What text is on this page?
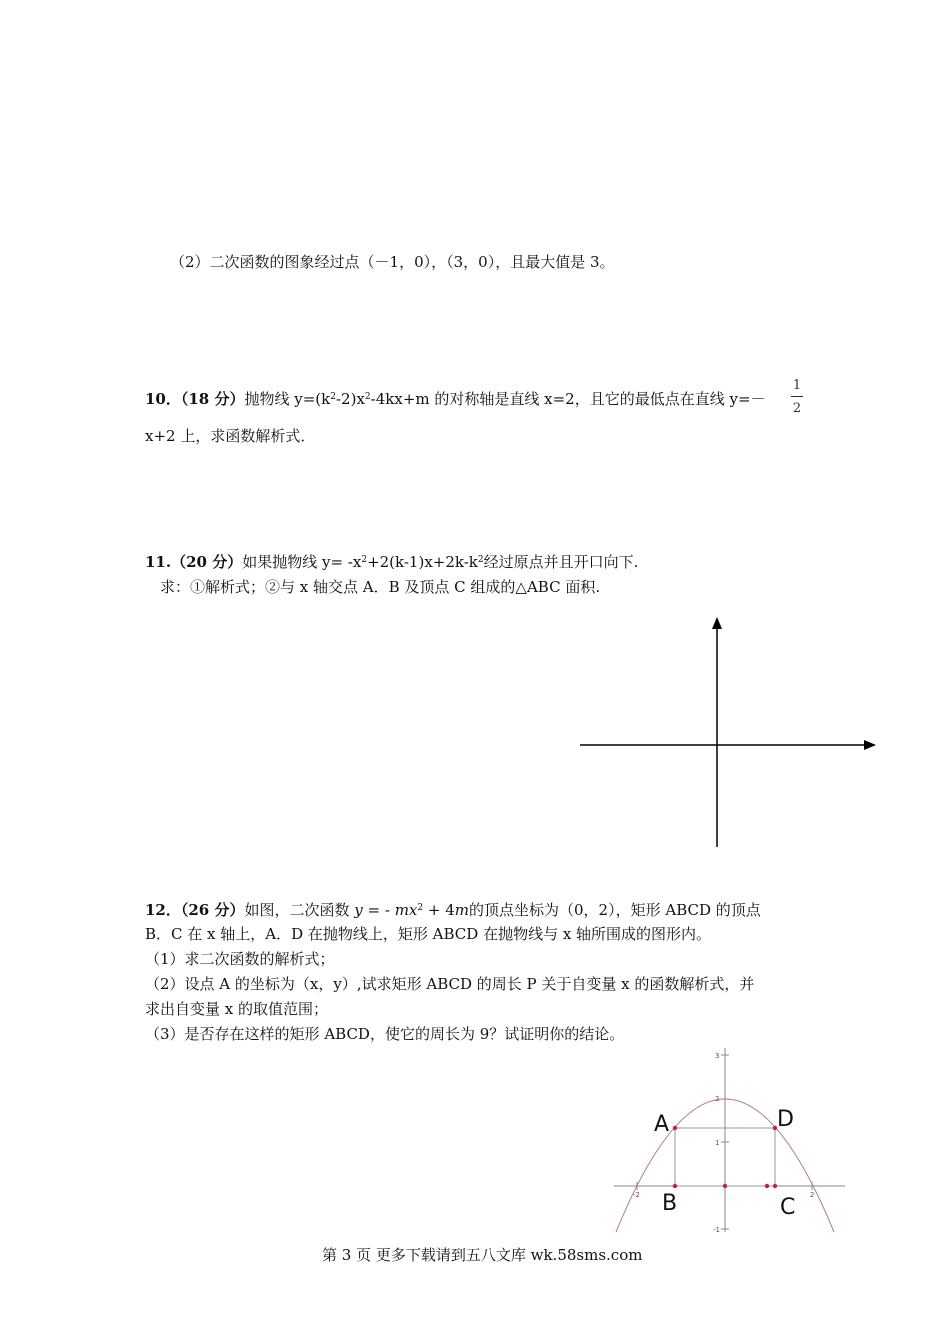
（2）二次函数的图象经过点（－1，0），（3，0），且最大值是 3。
10．（18 分）抛物线 $y=(k^2-2)x^2-4kx+m$ 的对称轴是直线 x=2，且它的最低点在直线 y=－
1
2
x+2 上，求函数解析式．
11.（20 分）如果抛物线 $y= -x^2+2(k-1)x+2k-k^2$经过原点并且开口向下.
求：①解析式；②与 x 轴交点 A．B 及顶点 C 组成的△ABC 面积.
12．（26 分）如图，二次函数 y = - $mx^2 + 4m$的顶点坐标为（0，2），矩形 ABCD 的顶点
B．C 在 x 轴上，A．D 在抛物线上，矩形 ABCD 在抛物线与 x 轴所围成的图形内。
（1）求二次函数的解析式；
（2）设点 A 的坐标为（x，y）,试求矩形 ABCD 的周长 P 关于自变量 x 的函数解析式，并
求出自变量 x 的取值范围；
（3）是否存在这样的矩形 ABCD，使它的周长为 9？试证明你的结论。
3
2
1
-1
-2	2
A	D
B	C
第 3 页 更多下载请到五八文库 wk.58sms.com
